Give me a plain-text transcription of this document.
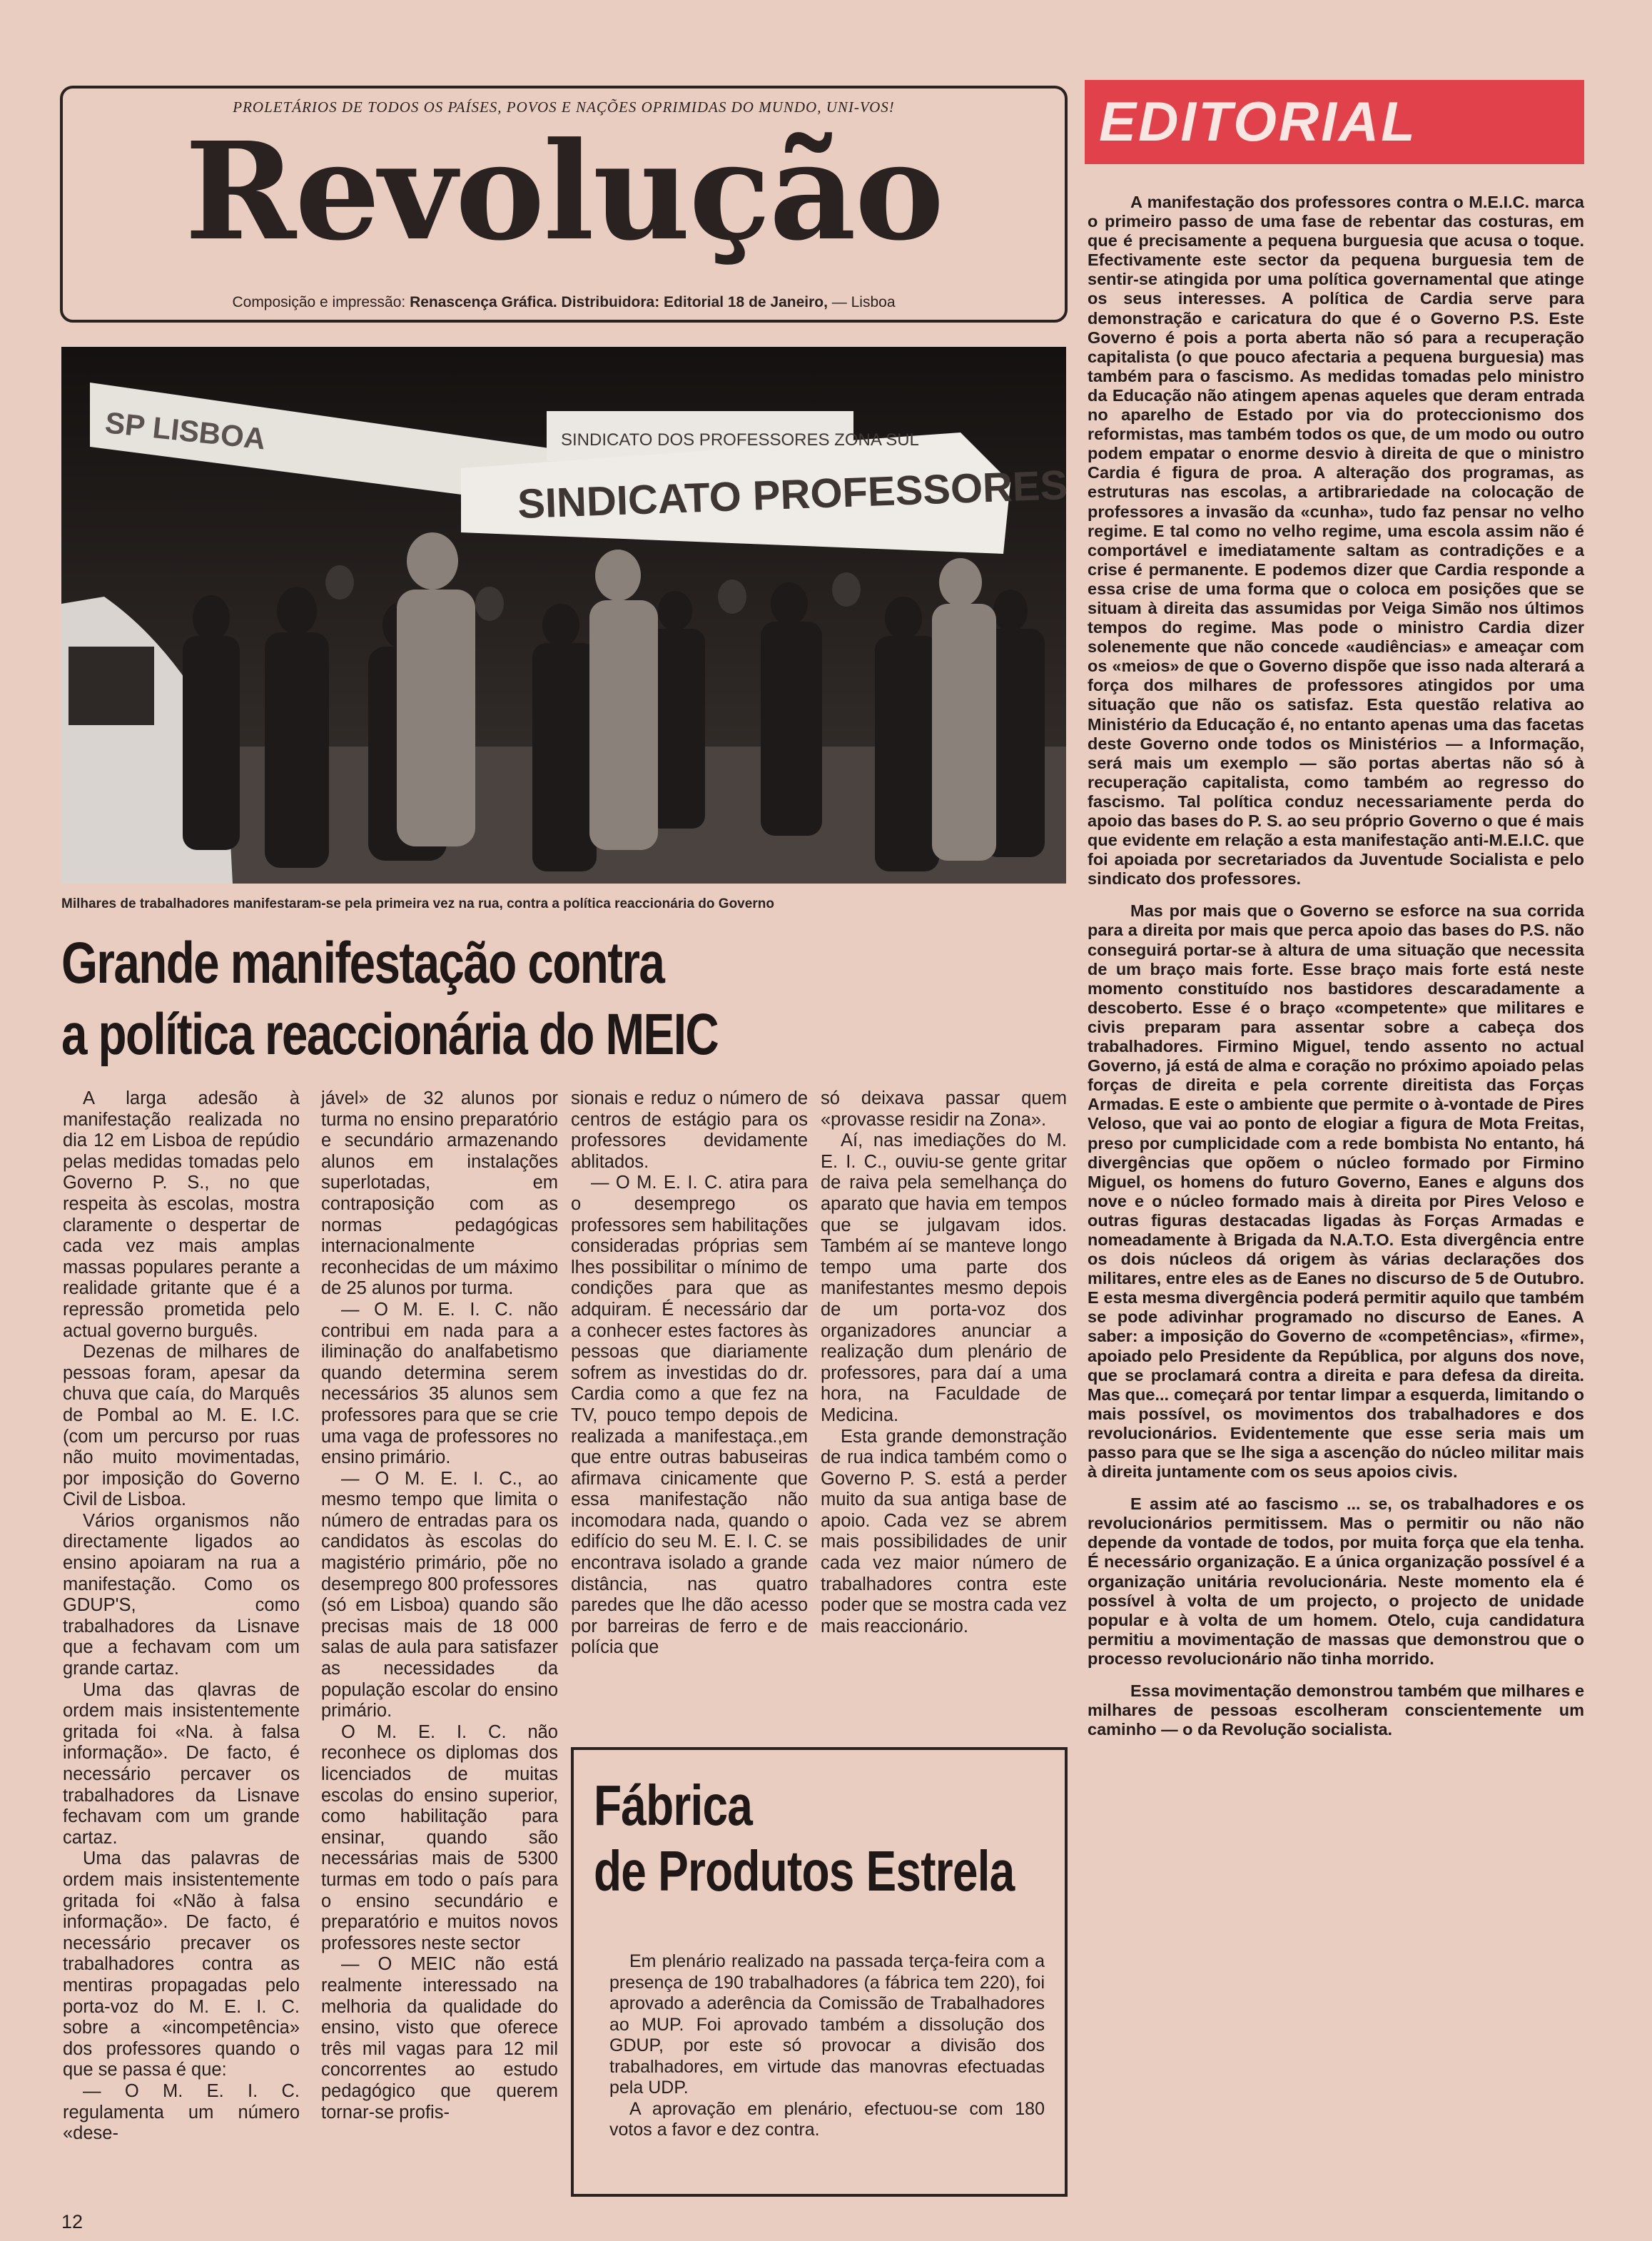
PROLETÁRIOS DE TODOS OS PAÍSES, POVOS E NAÇÕES OPRIMIDAS DO MUNDO, UNI-VOS!
Revolução
Composição e impressão: Renascença Gráfica. Distribuidora: Editorial 18 de Janeiro, — Lisboa
EDITORIAL
SP LISBOA	SINDICATO DOS PROFESSORES ZONA SUL
SINDICATO PROFESSORES
Milhares de trabalhadores manifestaram-se pela primeira vez na rua, contra a política reaccionária do Governo
Grande manifestação contra
a política reaccionária do MEIC

A larga adesão à manifestação realizada no dia 12 em Lisboa de repúdio pelas medidas tomadas pelo Governo P. S., no que respeita às escolas, mostra claramente o despertar de cada vez mais amplas massas populares perante a realidade gritante que é a repressão prometida pelo actual governo burguês.

Dezenas de milhares de pessoas foram, apesar da chuva que caía, do Marquês de Pombal ao M. E. I.C. (com um percurso por ruas não muito movimentadas, por imposição do Governo Civil de Lisboa.

Vários organismos não directamente ligados ao ensino apoiaram na rua a manifestação. Como os GDUP'S, como trabalhadores da Lisnave que a fechavam com um grande cartaz.

Uma das qlavras de ordem mais insistentemente gritada foi «Na. à falsa informação». De facto, é necessário percaver os trabalhadores da Lisnave fechavam com um grande cartaz.

Uma das palavras de ordem mais insistentemente gritada foi «Não à falsa informação». De facto, é necessário precaver os trabalhadores contra as mentiras propagadas pelo porta-voz do M. E. I. C. sobre a «incompetência» dos professores quando o que se passa é que:

— O M. E. I. C. regulamenta um número «dese-

jável» de 32 alunos por turma no ensino preparatório e secundário armazenando alunos em instalações superlotadas, em contraposição com as normas pedagógicas internacionalmente reconhecidas de um máximo de 25 alunos por turma.

— O M. E. I. C. não contribui em nada para a iliminação do analfabetismo quando determina serem necessários 35 alunos sem professores para que se crie uma vaga de professores no ensino primário.

— O M. E. I. C., ao mesmo tempo que limita o número de entradas para os candidatos às escolas do magistério primário, põe no desemprego 800 professores (só em Lisboa) quando são precisas mais de 18 000 salas de aula para satisfazer as necessidades da população escolar do ensino primário.

O M. E. I. C. não reconhece os diplomas dos licenciados de muitas escolas do ensino superior, como habilitação para ensinar, quando são necessárias mais de 5300 turmas em todo o país para o ensino secundário e preparatório e muitos novos professores neste sector

— O MEIC não está realmente interessado na melhoria da qualidade do ensino, visto que oferece três mil vagas para 12 mil concorrentes ao estudo pedagógico que querem tornar-se profis-

sionais e reduz o número de centros de estágio para os professores devidamente ablitados.

— O M. E. I. C. atira para o desemprego os professores sem habilitações consideradas próprias sem lhes possibilitar o mínimo de condições para que as adquiram. É necessário dar a conhecer estes factores às pessoas que diariamente sofrem as investidas do dr. Cardia como a que fez na TV, pouco tempo depois de realizada a manifestaça.,em que entre outras babuseiras afirmava cinicamente que essa manifestação não incomodara nada, quando o edifício do seu M. E. I. C. se encontrava isolado a grande distância, nas quatro paredes que lhe dão acesso por barreiras de ferro e de polícia que

só deixava passar quem «provasse residir na Zona».

Aí, nas imediações do M. E. I. C., ouviu-se gente gritar de raiva pela semelhança do aparato que havia em tempos que se julgavam idos. Também aí se manteve longo tempo uma parte dos manifestantes mesmo depois de um porta-voz dos organizadores anunciar a realização dum plenário de professores, para daí a uma hora, na Faculdade de Medicina.

Esta grande demonstração de rua indica também como o Governo P. S. está a perder muito da sua antiga base de apoio. Cada vez se abrem mais possibilidades de unir cada vez maior número de trabalhadores contra este poder que se mostra cada vez mais reaccionário.

Fábrica
de Produtos Estrela

Em plenário realizado na passada terça-feira com a presença de 190 trabalhadores (a fábrica tem 220), foi aprovado a aderência da Comissão de Trabalhadores ao MUP. Foi aprovado também a dissolução dos GDUP, por este só provocar a divisão dos trabalhadores, em virtude das manovras efectuadas pela UDP.

A aprovação em plenário, efectuou-se com 180 votos a favor e dez contra.

A manifestação dos professores contra o M.E.I.C. marca o primeiro passo de uma fase de rebentar das costuras, em que é precisamente a pequena burguesia que acusa o toque. Efectivamente este sector da pequena burguesia tem de sentir-se atingida por uma política governamental que atinge os seus interesses. A política de Cardia serve para demonstração e caricatura do que é o Governo P.S. Este Governo é pois a porta aberta não só para a recuperação capitalista (o que pouco afectaria a pequena burguesia) mas também para o fascismo. As medidas tomadas pelo ministro da Educação não atingem apenas aqueles que deram entrada no aparelho de Estado por via do proteccionismo dos reformistas, mas também todos os que, de um modo ou outro podem empatar o enorme desvio à direita de que o ministro Cardia é figura de proa. A alteração dos programas, as estruturas nas escolas, a artibrariedade na colocação de professores a invasão da «cunha», tudo faz pensar no velho regime. E tal como no velho regime, uma escola assim não é comportável e imediatamente saltam as contradições e a crise é permanente. E podemos dizer que Cardia responde a essa crise de uma forma que o coloca em posições que se situam à direita das assumidas por Veiga Simão nos últimos tempos do regime. Mas pode o ministro Cardia dizer solenemente que não concede «audiências» e ameaçar com os «meios» de que o Governo dispõe que isso nada alterará a força dos milhares de professores atingidos por uma situação que não os satisfaz. Esta questão relativa ao Ministério da Educação é, no entanto apenas uma das facetas deste Governo onde todos os Ministérios — a Informação, será mais um exemplo — são portas abertas não só à recuperação capitalista, como também ao regresso do fascismo. Tal política conduz necessariamente perda do apoio das bases do P. S. ao seu próprio Governo o que é mais que evidente em relação a esta manifestação anti-M.E.I.C. que foi apoiada por secretariados da Juventude Socialista e pelo sindicato dos professores.

Mas por mais que o Governo se esforce na sua corrida para a direita por mais que perca apoio das bases do P.S. não conseguirá portar-se à altura de uma situação que necessita de um braço mais forte. Esse braço mais forte está neste momento constituído nos bastidores descaradamente a descoberto. Esse é o braço «competente» que militares e civis preparam para assentar sobre a cabeça dos trabalhadores. Firmino Miguel, tendo assento no actual Governo, já está de alma e coração no próximo apoiado pelas forças de direita e pela corrente direitista das Forças Armadas. E este o ambiente que permite o à-vontade de Pires Veloso, que vai ao ponto de elogiar a figura de Mota Freitas, preso por cumplicidade com a rede bombista No entanto, há divergências que opõem o núcleo formado por Firmino Miguel, os homens do futuro Governo, Eanes e alguns dos nove e o núcleo formado mais à direita por Pires Veloso e outras figuras destacadas ligadas às Forças Armadas e nomeadamente à Brigada da N.A.T.O. Esta divergência entre os dois núcleos dá origem às várias declarações dos militares, entre eles as de Eanes no discurso de 5 de Outubro. E esta mesma divergência poderá permitir aquilo que também se pode adivinhar programado no discurso de Eanes. A saber: a imposição do Governo de «competências», «firme», apoiado pelo Presidente da República, por alguns dos nove, que se proclamará contra a direita e para defesa da direita. Mas que... começará por tentar limpar a esquerda, limitando o mais possível, os movimentos dos trabalhadores e dos revolucionários. Evidentemente que esse seria mais um passo para que se lhe siga a ascenção do núcleo militar mais à direita juntamente com os seus apoios civis.

E assim até ao fascismo ... se, os trabalhadores e os revolucionários permitissem. Mas o permitir ou não não depende da vontade de todos, por muita força que ela tenha. É necessário organização. E a única organização possível é a organização unitária revolucionária. Neste momento ela é possível à volta de um projecto, o projecto de unidade popular e à volta de um homem. Otelo, cuja candidatura permitiu a movimentação de massas que demonstrou que o processo revolucionário não tinha morrido.

Essa movimentação demonstrou também que milhares e milhares de pessoas escolheram conscientemente um caminho — o da Revolução socialista.

12
